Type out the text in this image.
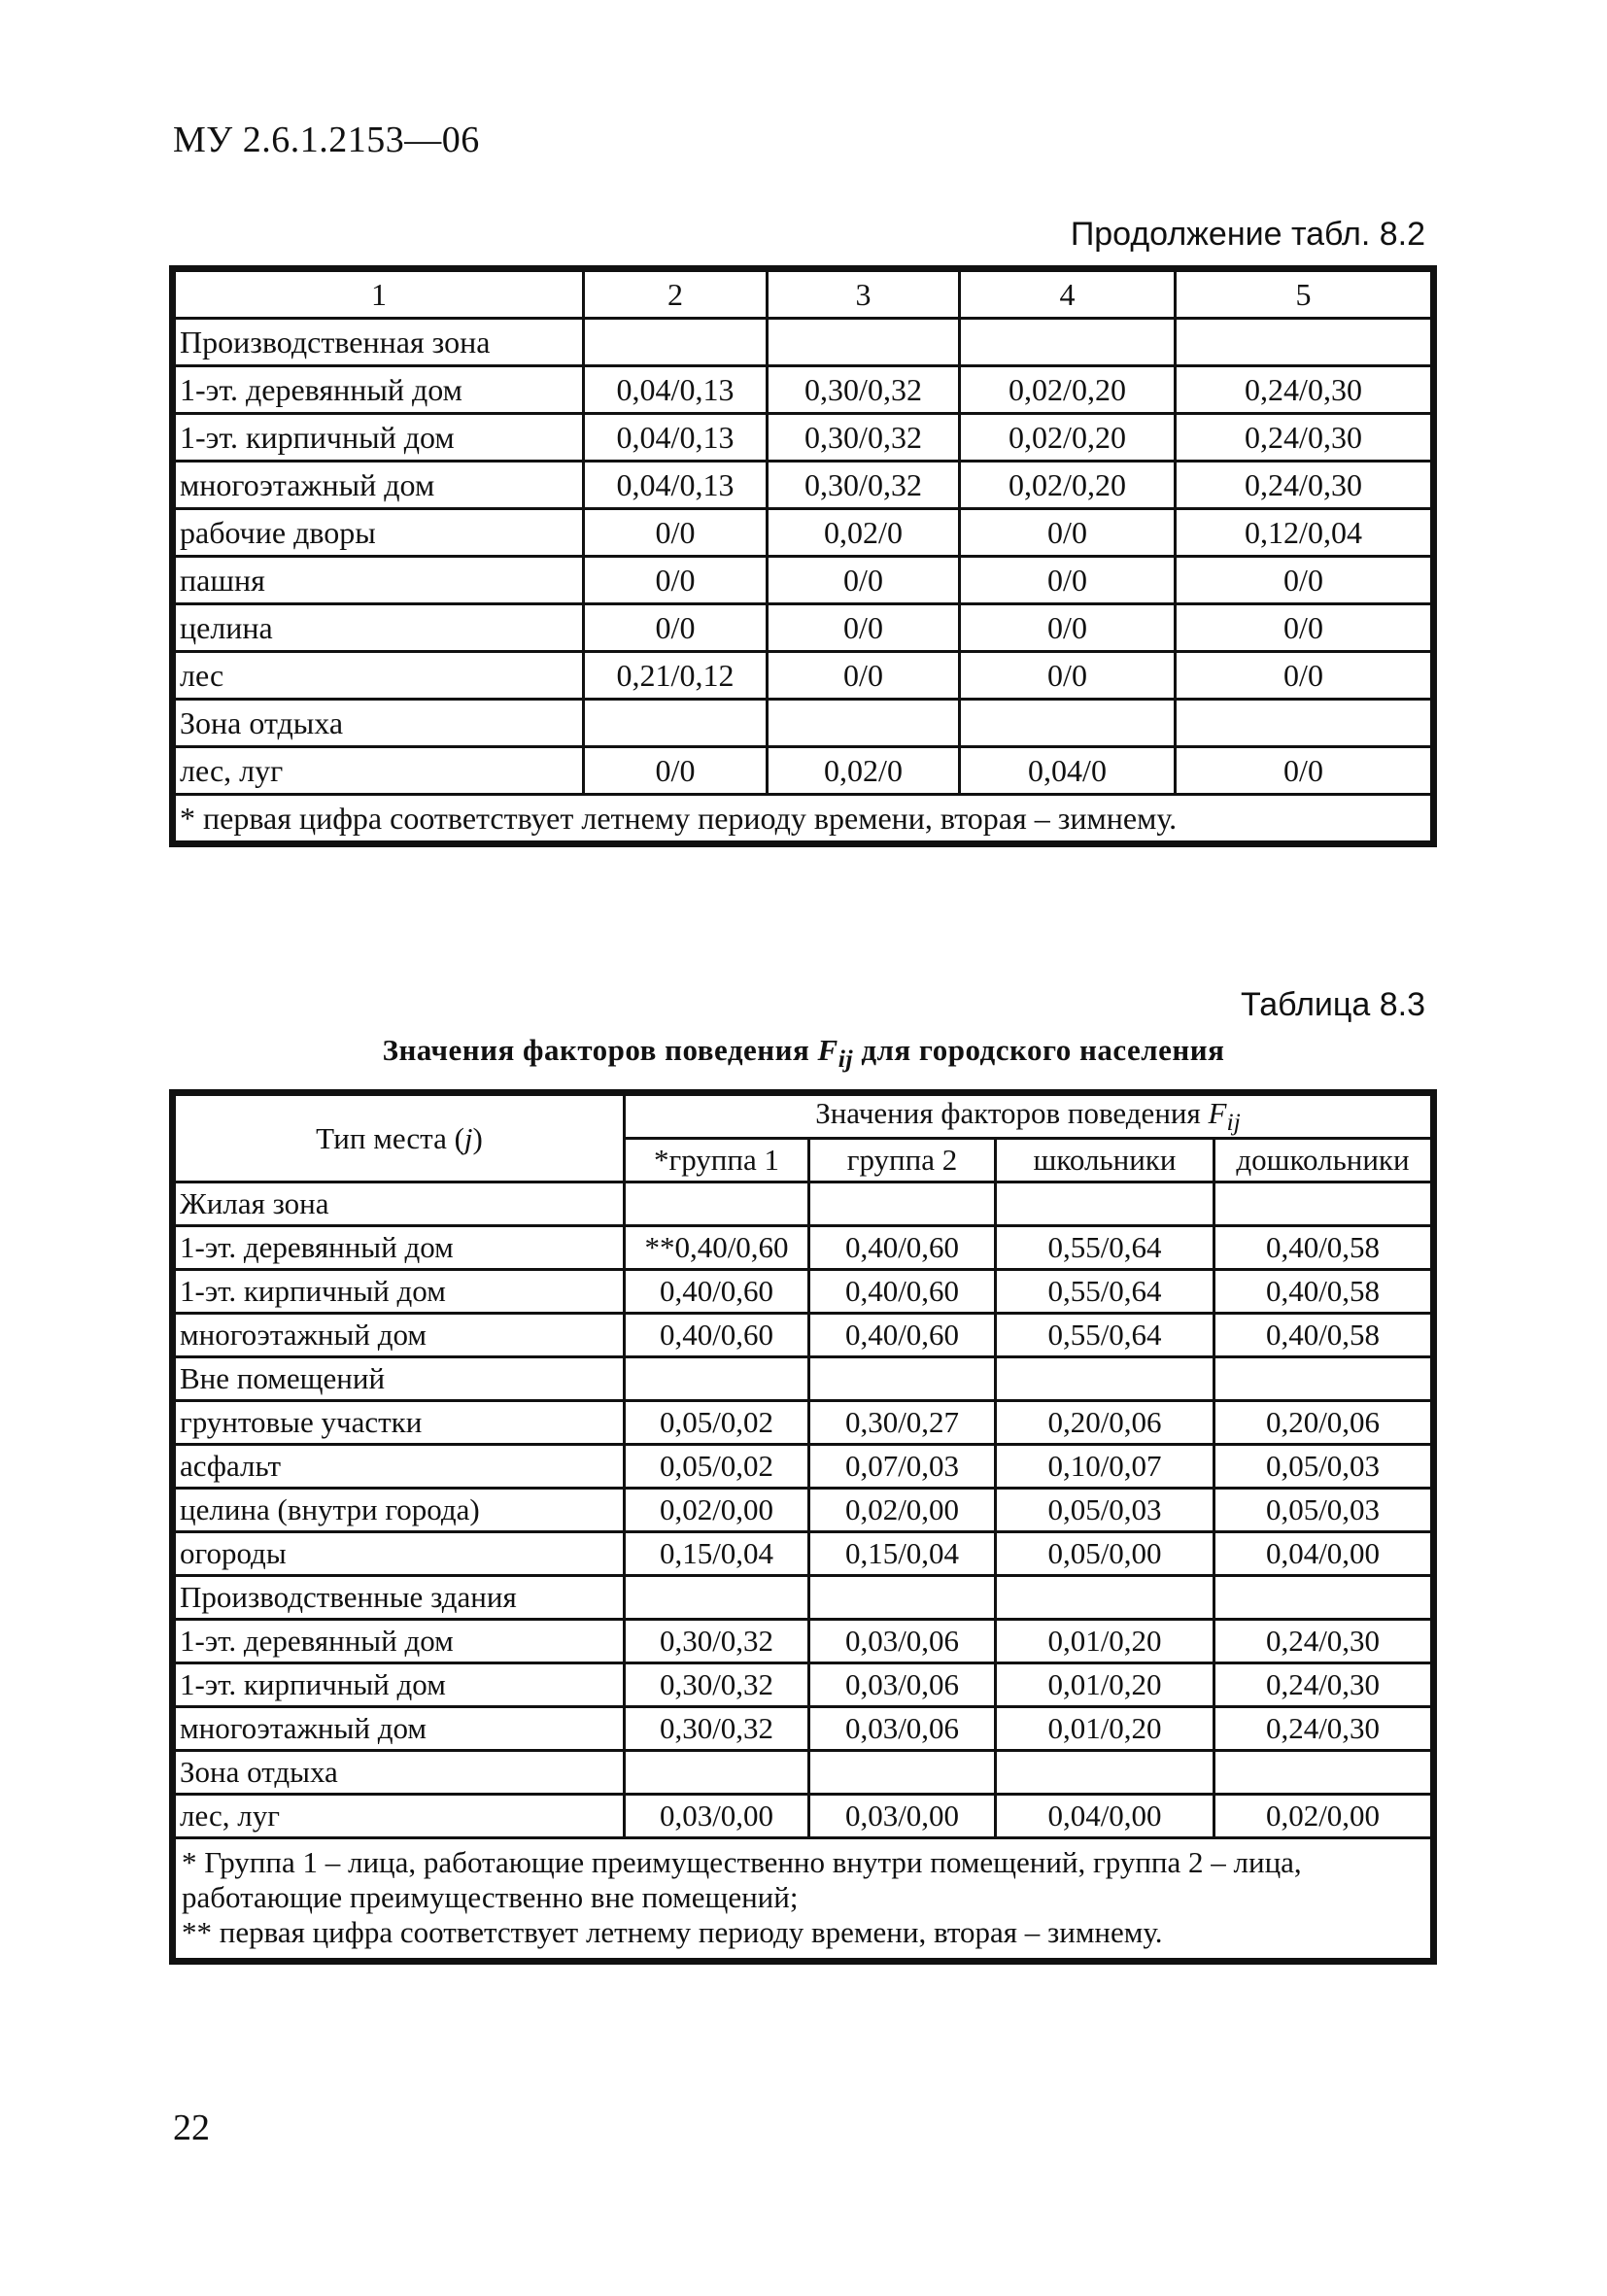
МУ 2.6.1.2153—06
Продолжение табл. 8.2
1	2	3	4	5
Производственная зона				
1-эт. деревянный дом	0,04/0,13	0,30/0,32	0,02/0,20	0,24/0,30
1-эт. кирпичный дом	0,04/0,13	0,30/0,32	0,02/0,20	0,24/0,30
многоэтажный дом	0,04/0,13	0,30/0,32	0,02/0,20	0,24/0,30
рабочие дворы	0/0	0,02/0	0/0	0,12/0,04
пашня	0/0	0/0	0/0	0/0
целина	0/0	0/0	0/0	0/0
лес	0,21/0,12	0/0	0/0	0/0
Зона отдыха				
лес, луг	0/0	0,02/0	0,04/0	0/0
* первая цифра соответствует летнему периоду времени, вторая – зимнему.				
Таблица 8.3
Значения факторов поведения $F_{ij}$ для городского населения
Тип места (j)	Значения факторов поведения $F_{ij}$
	*группа 1	группа 2	школьники	дошкольники
Жилая зона				
1-эт. деревянный дом	**0,40/0,60	0,40/0,60	0,55/0,64	0,40/0,58
1-эт. кирпичный дом	0,40/0,60	0,40/0,60	0,55/0,64	0,40/0,58
многоэтажный дом	0,40/0,60	0,40/0,60	0,55/0,64	0,40/0,58
Вне помещений				
грунтовые участки	0,05/0,02	0,30/0,27	0,20/0,06	0,20/0,06
асфальт	0,05/0,02	0,07/0,03	0,10/0,07	0,05/0,03
целина (внутри города)	0,02/0,00	0,02/0,00	0,05/0,03	0,05/0,03
огороды	0,15/0,04	0,15/0,04	0,05/0,00	0,04/0,00
Производственные здания				
1-эт. деревянный дом	0,30/0,32	0,03/0,06	0,01/0,20	0,24/0,30
1-эт. кирпичный дом	0,30/0,32	0,03/0,06	0,01/0,20	0,24/0,30
многоэтажный дом	0,30/0,32	0,03/0,06	0,01/0,20	0,24/0,30
Зона отдыха				
лес, луг	0,03/0,00	0,03/0,00	0,04/0,00	0,02/0,00

* Группа 1 – лица, работающие преимущественно внутри помещений, группа 2 – лица, работающие преимущественно вне помещений;
** первая цифра соответствует летнему периоду времени, вторая – зимнему.				
22
